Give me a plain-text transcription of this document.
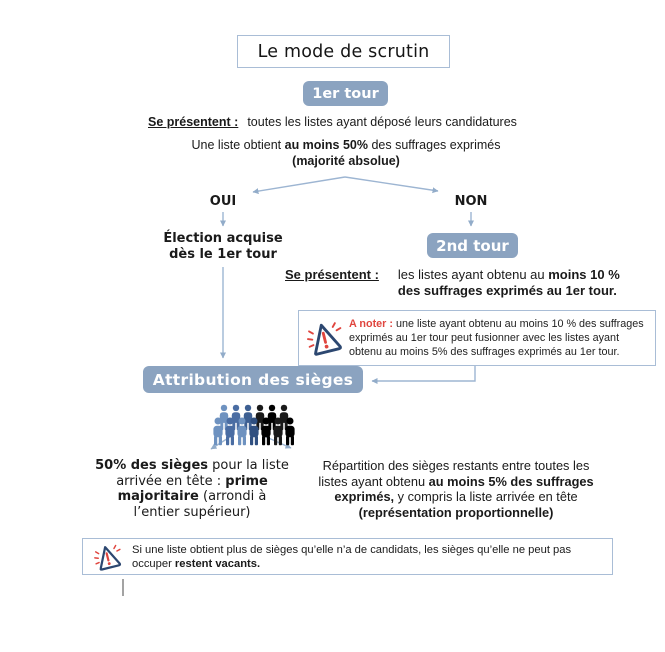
Le mode de scrutin
1er tour
Se présentent : toutes les listes ayant déposé leurs candidatures
Une liste obtient au moins 50% des suffrages exprimés
(majorité absolue)
OUI	NON
Élection acquise
dès le 1er tour	2nd tour
Se présentent : les listes ayant obtenu au moins 10 %
des suffrages exprimés au 1er tour.
A noter : une liste ayant obtenu au moins 10 % des suffrages
exprimés au 1er tour peut fusionner avec les listes ayant
obtenu au moins 5% des suffrages exprimés au 1er tour.
Attribution des sièges
50% des sièges pour la liste
arrivée en tête : prime
majoritaire (arrondi à
l’entier supérieur)
Répartition des sièges restants entre toutes les
listes ayant obtenu au moins 5% des suffrages
exprimés, y compris la liste arrivée en tête
(représentation proportionnelle)
Si une liste obtient plus de sièges qu’elle n’a de candidats, les sièges qu’elle ne peut pas
occuper restent vacants.
